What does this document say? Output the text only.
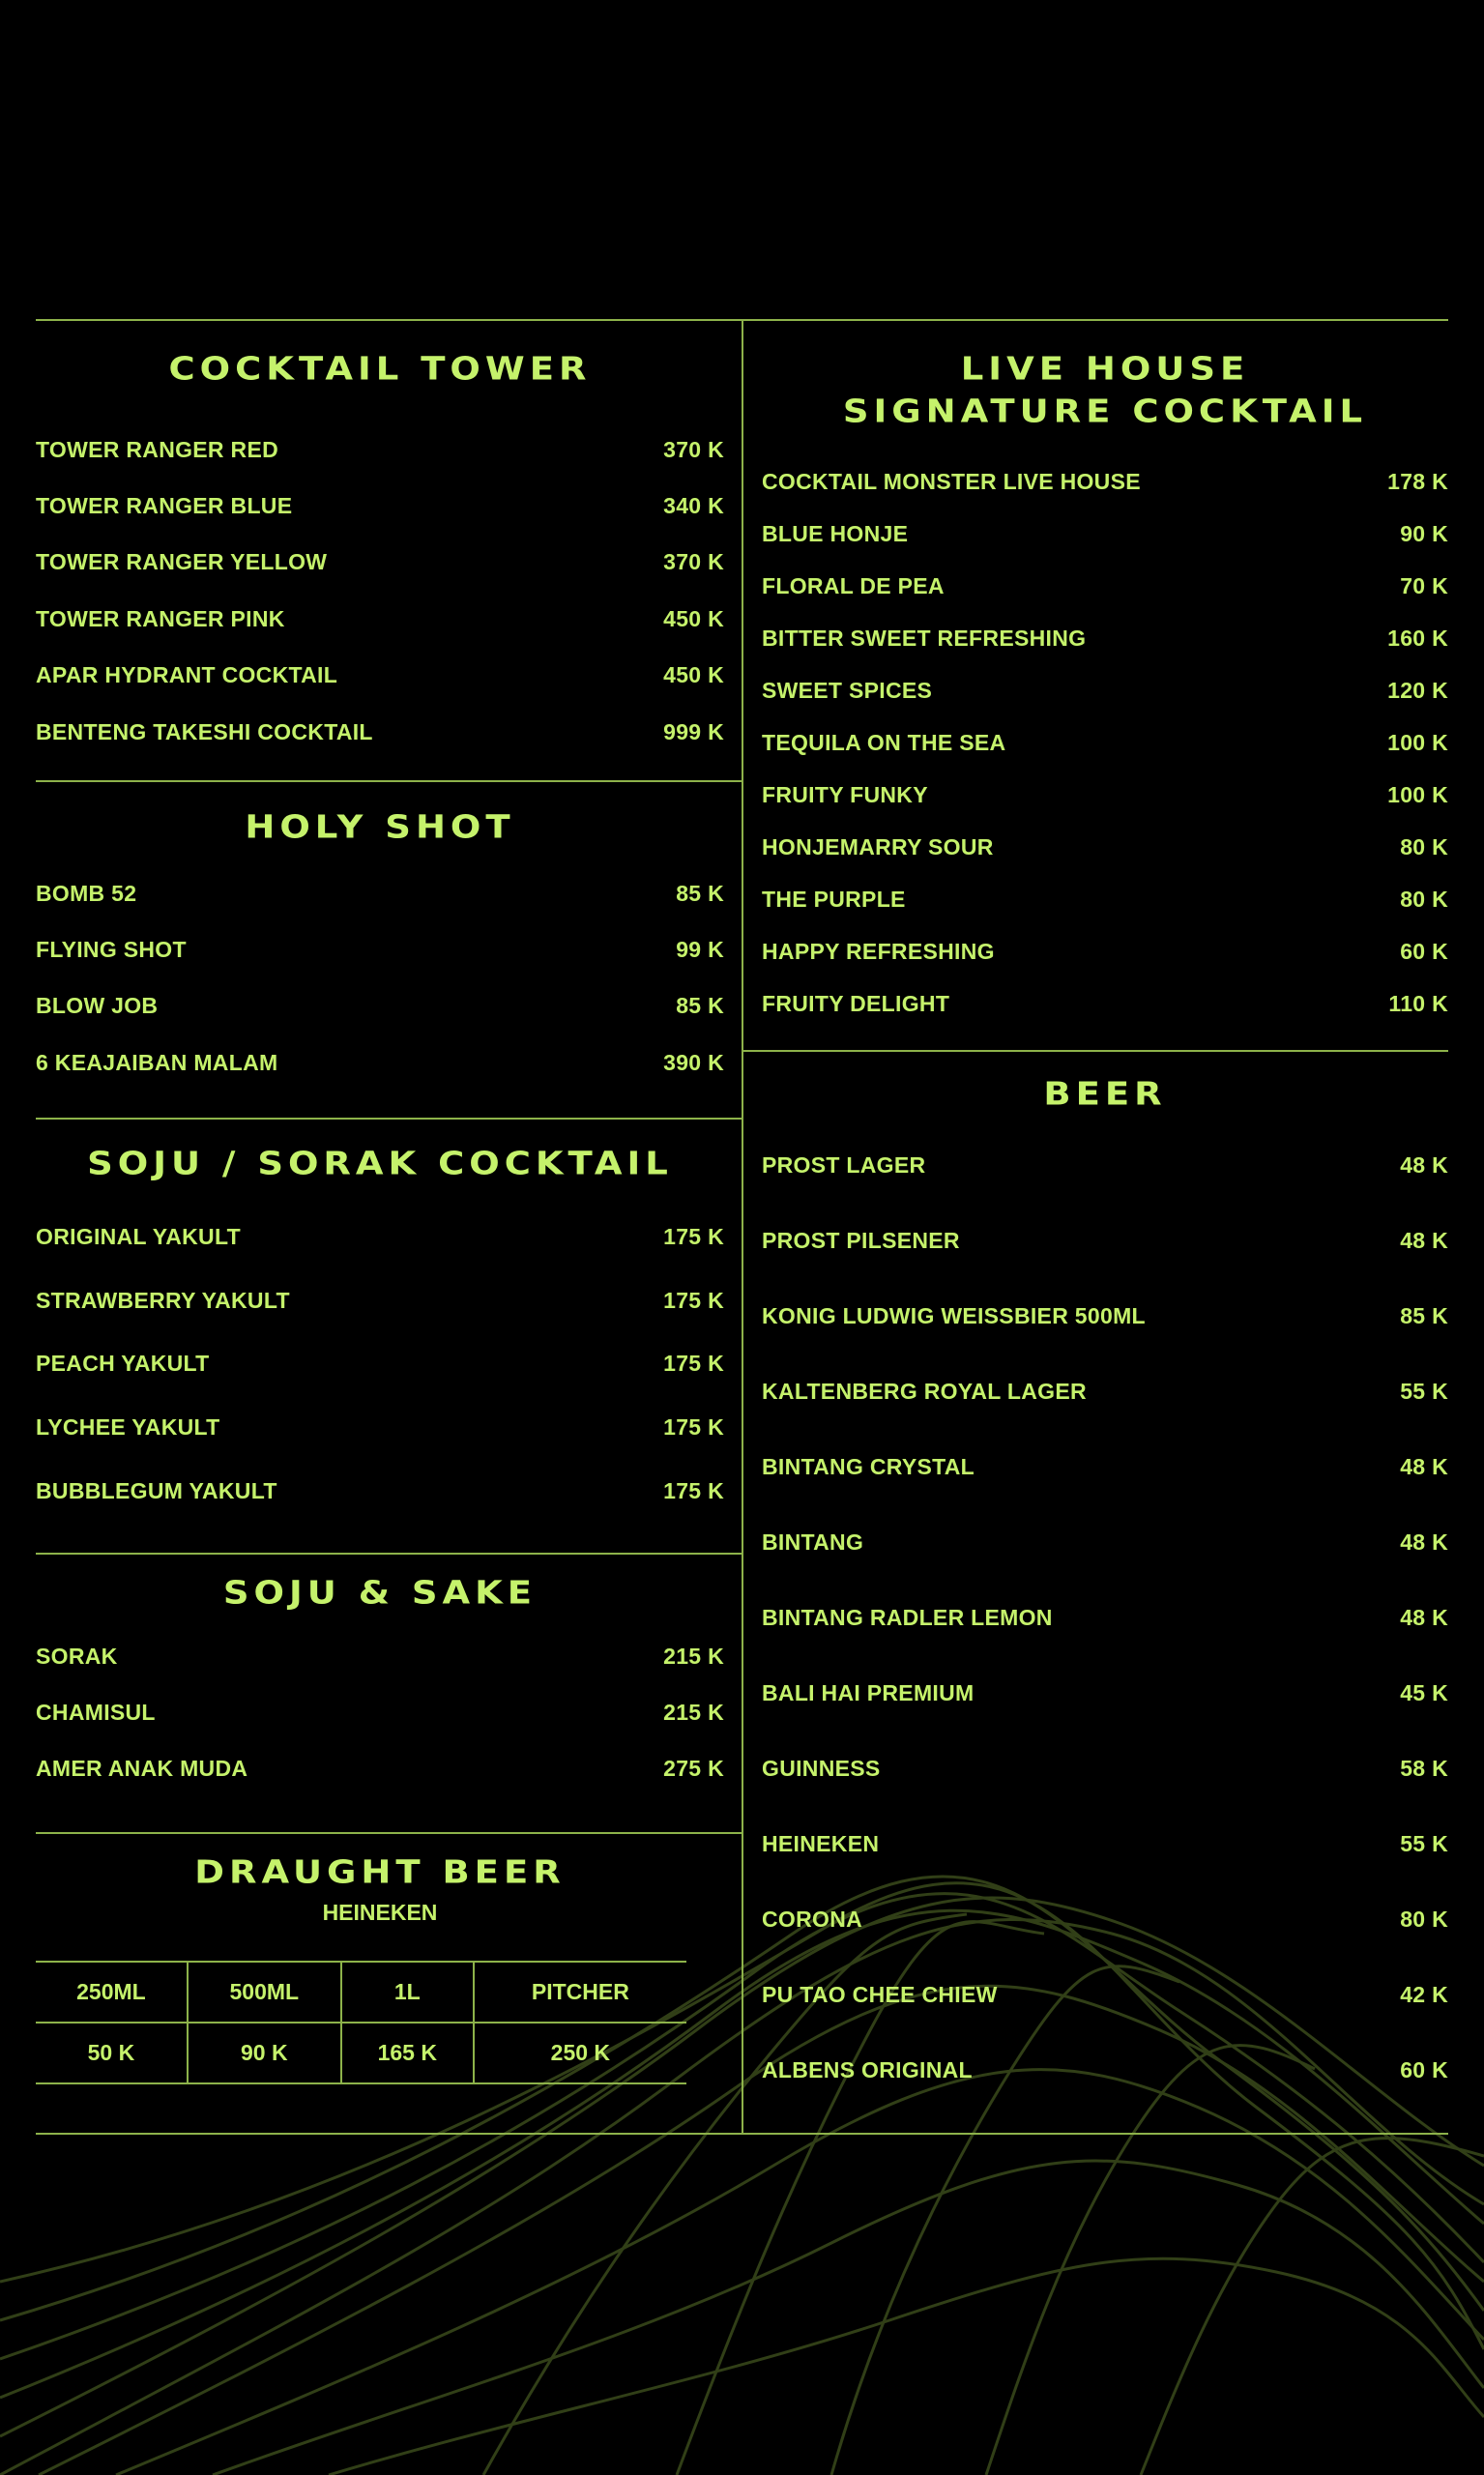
COCKTAIL TOWER
TOWER RANGER RED	370 K
TOWER RANGER BLUE	340 K
TOWER RANGER YELLOW	370 K
TOWER RANGER PINK	450 K
APAR HYDRANT COCKTAIL	450 K
BENTENG TAKESHI COCKTAIL	999 K
HOLY SHOT
BOMB 52	85 K
FLYING SHOT	99 K
BLOW JOB	85 K
6 KEAJAIBAN MALAM	390 K
SOJU / SORAK COCKTAIL
ORIGINAL YAKULT	175 K
STRAWBERRY YAKULT	175 K
PEACH YAKULT	175 K
LYCHEE YAKULT	175 K
BUBBLEGUM YAKULT	175 K
SOJU & SAKE
SORAK	215 K
CHAMISUL	215 K
AMER ANAK MUDA	275 K
DRAUGHT BEER
HEINEKEN
250ML	500ML	1L	PITCHER
50 K	90 K	165 K	250 K
LIVE HOUSE
SIGNATURE COCKTAIL
COCKTAIL MONSTER LIVE HOUSE	178 K
BLUE HONJE	90 K
FLORAL DE PEA	70 K
BITTER SWEET REFRESHING	160 K
SWEET SPICES	120 K
TEQUILA ON THE SEA	100 K
FRUITY FUNKY	100 K
HONJEMARRY SOUR	80 K
THE PURPLE	80 K
HAPPY REFRESHING	60 K
FRUITY DELIGHT	110 K
BEER
PROST LAGER	48 K
PROST PILSENER	48 K
KONIG LUDWIG WEISSBIER 500ML	85 K
KALTENBERG ROYAL LAGER	55 K
BINTANG CRYSTAL	48 K
BINTANG	48 K
BINTANG RADLER LEMON	48 K
BALI HAI PREMIUM	45 K
GUINNESS	58 K
HEINEKEN	55 K
CORONA	80 K
PU TAO CHEE CHIEW	42 K
ALBENS ORIGINAL	60 K
